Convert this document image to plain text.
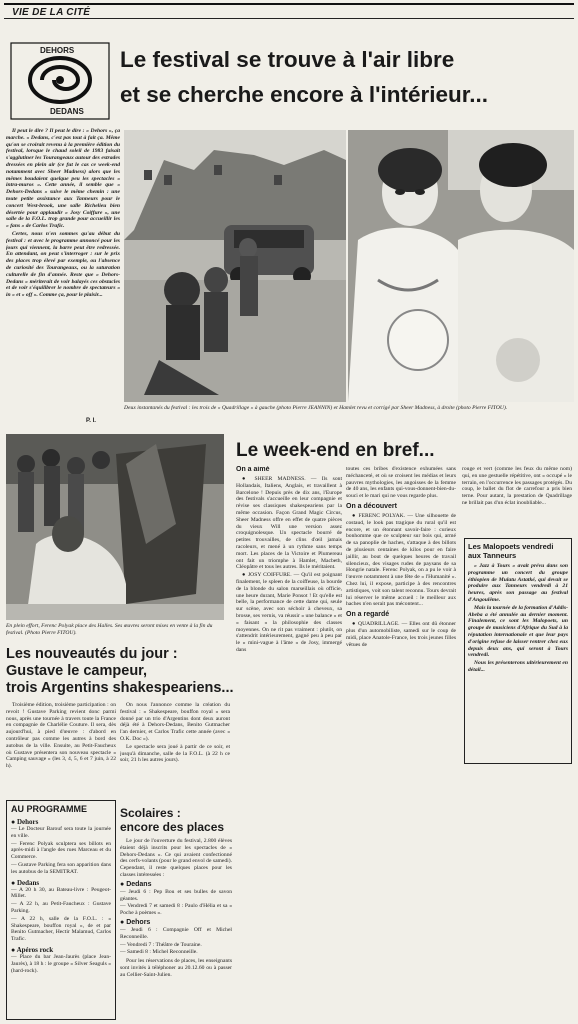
VIE DE LA CITÉ
DEHORS
DEDANS
Le festival se trouve à l'air libre
et se cherche encore à l'intérieur...

Il peut le dire ? Il peut le dire : « Dehors », ça marche. « Dedans, c'est pas tout à fait ça. Même qu'on se croirait revenu à la première édition du festival, lorsque le chaud soleil de 1983 faisait s'agglutiner les Tourangeaux autour des estrades dressées en plein air (ce fut le cas ce week-end notamment avec Sheer Madness) alors que les mêmes boudaient quelque peu les spectacles « intra-muros ». Cette année, il semble que « Dehors-Dedans » suive le même chemin : une toute petite assistance aux Tanneurs pour le concert West-brook, une salle Richelieu bien désertée pour applaudir « Josy Coiffure », une salle de la F.O.L. trop grande pour accueillir les « fans » de Carlos Trafic.

Certes, nous n'en sommes qu'au début du festival : et avec le programme annoncé pour les jours qui viennent, la barre peut être redressée. En attendant, on peut s'interroger : sur le prix des places trop élevé par exemple, ou l'absence de curiosité des Tourangeaux, ou la saturation culturelle de fin d'année. Reste que « Dehors-Dedans » mériterait de voir balayés ces obstacles et de voir s'équilibrer le nombre de spectateurs « in » et « off ». Comme ça, pour le plaisir...

P. I.
Deux instantanés du festival : les trois de « Quadrillage » à gauche (photo Pierre JEANNIN) et Hamlet revu et corrigé par Sheer Madness, à droite (photo Pierre FITOU).
En plein effort, Ferenc Polyak place des Halles. Ses œuvres seront mises en vente à la fin du festival. (Photo Pierre FITOU).
Les nouveautés du jour :
Gustave le campeur,
trois Argentins shakespeariens...

Troisième édition, troisième participation : on revoit ! Gustave Parking revient donc parmi nous, après une tournée à travers toute la France en compagnie de Charlélie Couture. Il sera, dès aujourd'hui, à pied d'œuvre : d'abord en contrôleur pas comme les autres à bord des autobus de la ville. Ensuite, au Petit-Faucheux où Gustave présentera son nouveau spectacle « Camping sauvage » (les 3, 4, 5, 6 et 7 juin, à 22 h).

On nous l'annonce comme la création du festival : « Shakespeare, bouffon royal » sera donné par un trio d'Argentins dont deux auront déjà été à Dehors-Dedans, Benito Gutmacher l'an dernier, et Carlos Trafic cette année (avec « O.K. Doc »).

Le spectacle sera joué à partir de ce soir, et jusqu'à dimanche, salle de la F.O.L. (à 22 h ce soir, 21 h les autres jours).

AU PROGRAMME
● Dehors
— Le Docteur Barouf sera toute la journée en ville.
— Ferenc Polyak sculptera ses billots en après-midi à l'angle des rues Marceau et du Commerce.
— Gustave Parking fera son apparition dans les autobus de la SEMITRAT.
● Dedans
— A 20 h 30, au Bateau-livre : Peugeot-Millet.
— A 22 h, au Petit-Faucheux : Gustave Parking.
— A 22 h, salle de la F.O.L. : « Shakespeare, bouffon royal », de et par Benito Gutmacher, Hectir Malamud, Carlos Trafic.
● Apéros rock
— Place du bar Jean-Jaurès (place Jean-Jaurès), à 18 h : le groupe « Silver Seaguls » (hard-rock).
Le week-end en bref...
On a aimé

● SHEER MADNESS. — Ils sont Hollandais, Italiens, Anglais, et travaillent à Barcelone ! Depuis près de dix ans, l'Europe des festivals s'accueille en leur compagnie et révise ses classiques shakespeariens par la même occasion. Façon Grand Magic Circus, Sheer Madness offre en effet de quatre pièces du vieux Will une version assez croquignolesque. Un spectacle bourré de petites trouvailles, de clins d'œil jamais racoleurs, et mené à un rythme sans temps mort. Les places de la Victoire et Plumereau ont fait un triomphe à Hamlet, Macbeth, Cléopâtre et tous les autres. Ils le méritaient.

● JOSY COIFFURE. — Qu'il est poignant finalement, le spleen de la coiffeuse, la bourde de la blonde du salon marseillais où officie, une heure durant, Marie Ponsot ! Et qu'elle est belle, la performance de cette dame qui, seule sur scène, avec son séchoir à cheveux, sa brosse, ses vernis, va réussir « une balance » et « faisant » la philosophie des classes moyennes. On ne rit pas vraiment : plutôt, on s'attendrit intérieurement, gagné peu à peu par le « mini-vague à l'âme » de Josy, immergé dans

toutes ces bribes d'existence exhumées sans méchanceté, et où se croisent les médias et leurs pauvres mythologies, les angoisses de la femme de 40 ans, les enfants qui-vous-donnent-bien-du-souci et le mari qui ne vous regarde plus.

On a découvert

● FERENC POLYAK. — Une silhouette de costaud, le look pas tragique du rural qu'il est encore, et un étonnant savoir-faire : curieux bonhomme que ce sculpteur sur bois qui, armé de sa panoplie de haches, s'attaque à des billots de plusieurs centaines de kilos pour en faire jaillir, au bout de quelques heures de travail silencieux, des visages rudes de paysans de sa Hongrie natale. Ferenc Polyak, on a pu le voir à l'œuvre notamment à une fête de « l'Humanité ». Chez lui, il expose, participe à des rencontres artistiques, voit son talent reconnu. Tours devrait lui réserver le même accueil : le meilleur aux haches n'en serait pas mécontent...

On a regardé

● QUADRILLAGE. — Elles ont dû étonner plus d'un automobiliste, samedi sur le coup de midi, place Anatole-France, les trois jeunes filles vêtues de

rouge et vert (comme les feux du même nom) qui, en une gestuelle répétitive, ont « occupé » le terrain, en l'occurrence les passages protégés. Du coup, le ballet du flot de carrefour a pris bien terne. Pour autant, la prestation de Quadrillage ne brillait pas d'un éclat inoubliable...

Les Malopoets vendredi aux Tanneurs

« Jazz à Tours » avait prévu dans son programme un concert du groupe éthiopien de Mulatu Astatké, qui devait se produire aux Tanneurs vendredi à 21 heures, après son passage au festival d'Angoulême.

Mais la tournée de la formation d'Addis-Abeba a été annulée au dernier moment. Finalement, ce sont les Malopoets, un groupe de musiciens d'Afrique du Sud à la réputation internationale et que leur pays d'origine refuse de laisser rentrer chez eux depuis deux ans, qui seront à Tours vendredi.

Nous les présenterons ultérieurement en détail...

Scolaires :
encore des places

Le jour de l'ouverture du festival, 2.800 élèves étaient déjà inscrits pour les spectacles de « Dehors-Dedans ». Ce qui avaient confectionné des cerfs-volants (pour le grand envol de samedi). Cependant, il reste quelques places pour les classes intéressées :

● Dedans
— Jeudi 6 : Pep Bou et ses bulles de savon géantes.
— Vendredi 7 et samedi 8 : Paulo d'Hélia et sa « Poche à poèmes ».
● Dehors
— Jeudi 6 : Compagnie Off et Michel Reconneille.
— Vendredi 7 : Théâtre de Touraine.
— Samedi 8 : Michel Reconneille.

Pour les réservations de places, les enseignants sont invités à téléphoner au 20.12.60 ou à passer au Cellier-Saint-Julien.
